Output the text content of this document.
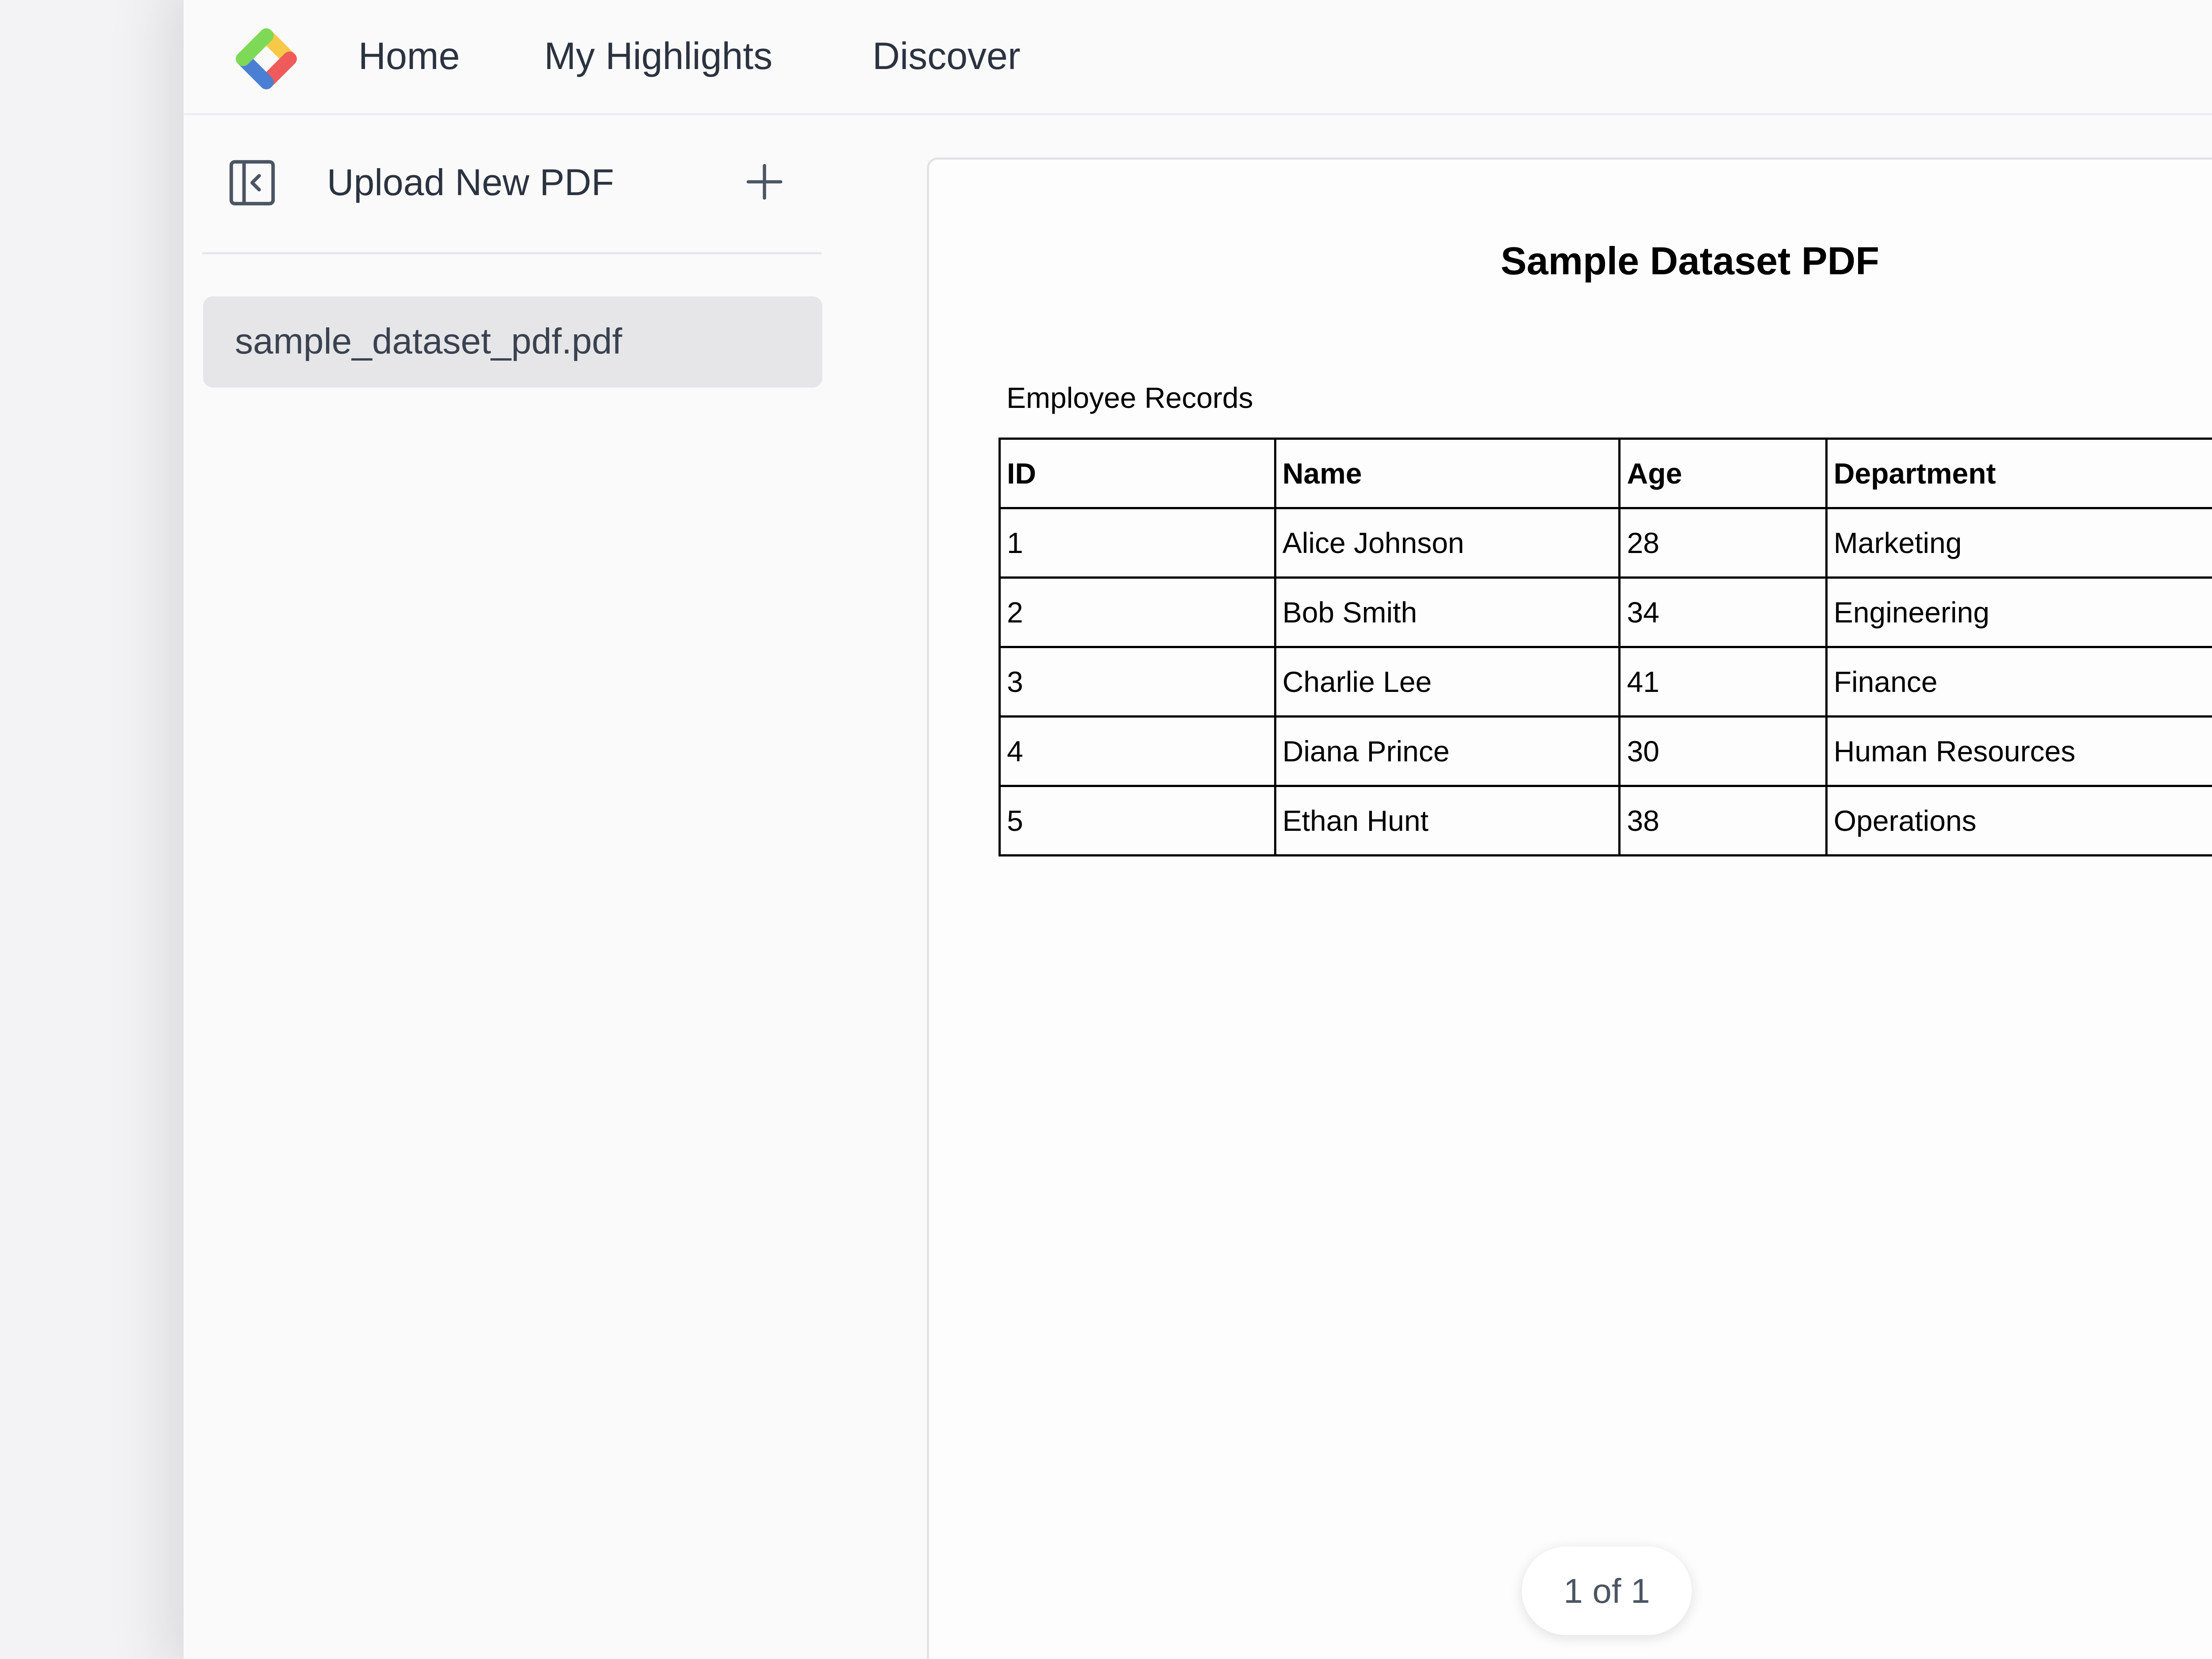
Home My Highlights	Discover
Upload New PDF
sample_dataset_pdf.pdf
Sample Dataset PDF
Employee Records
ID	Name	Age	Department
1	Alice Johnson	28	Marketing
2	Bob Smith	34	Engineering
3	Charlie Lee	41	Finance
4	Diana Prince	30	Human Resources
5	Ethan Hunt	38	Operations
1 of 1
